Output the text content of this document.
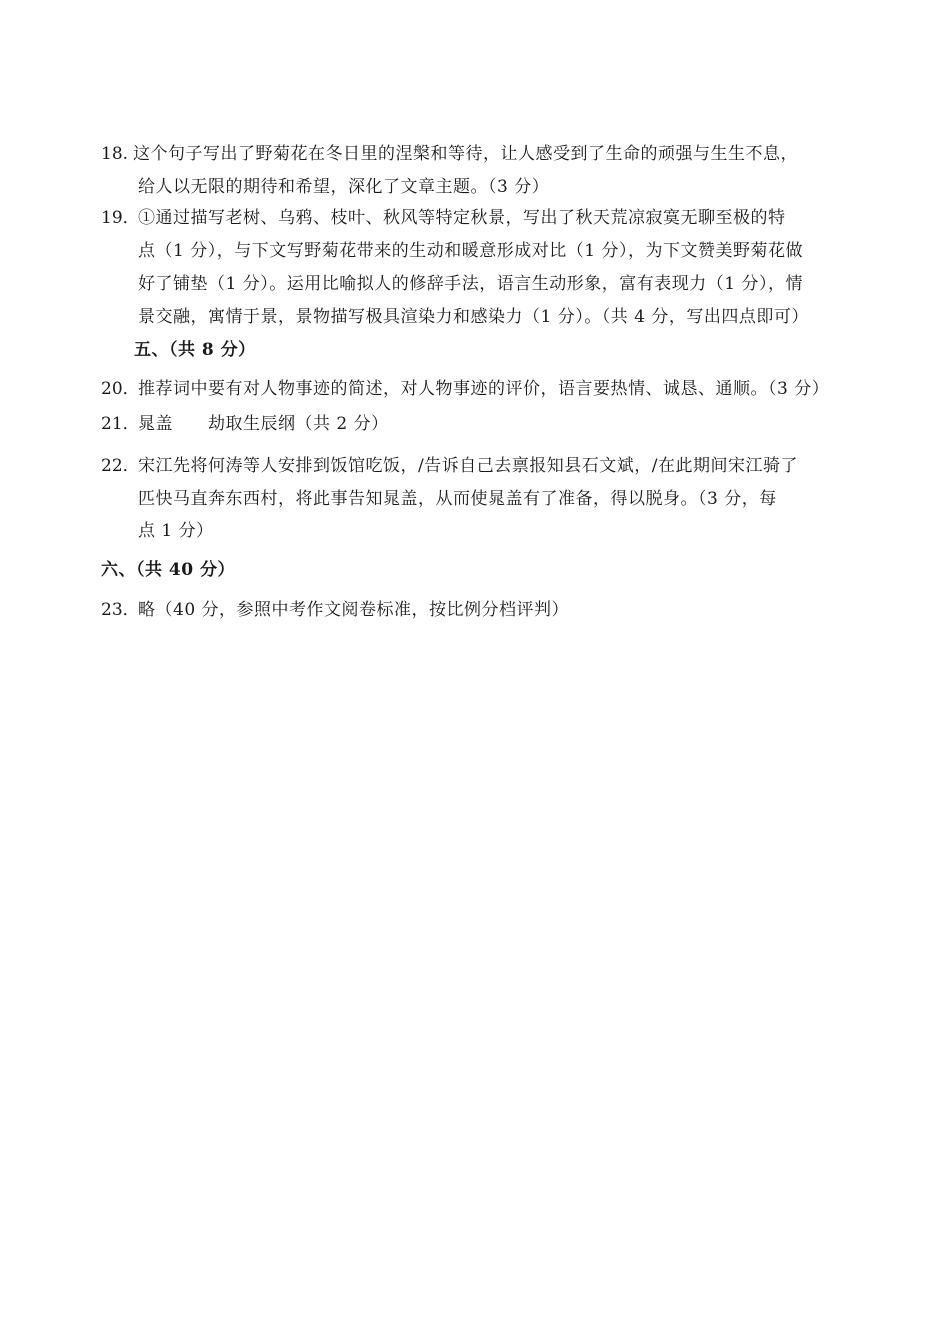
18. 这个句子写出了野菊花在冬日里的涅槃和等待，让人感受到了生命的顽强与生生不息，
给人以无限的期待和希望，深化了文章主题。（3 分）
19．
①通过描写老树、乌鸦、枝叶、秋风等特定秋景，写出了秋天荒凉寂寞无聊至极的特
点（1 分），与下文写野菊花带来的生动和暖意形成对比（1 分），为下文赞美野菊花做
好了铺垫（1 分）。运用比喻拟人的修辞手法，语言生动形象，富有表现力（1 分），情
景交融，寓情于景，景物描写极具渲染力和感染力（1 分）。（共 4 分，写出四点即可）
五、（共 8 分）
20．
推荐词中要有对人物事迹的简述，对人物事迹的评价，语言要热情、诚恳、通顺。（3 分）
21．
晁盖　　劫取生辰纲（共 2 分）
22．
宋江先将何涛等人安排到饭馆吃饭，/告诉自己去禀报知县石文斌，/在此期间宋江骑了
匹快马直奔东西村，将此事告知晁盖，从而使晁盖有了准备，得以脱身。（3 分，每
点 1 分）
六、（共 40 分）
23．
略（40 分，参照中考作文阅卷标准，按比例分档评判）
